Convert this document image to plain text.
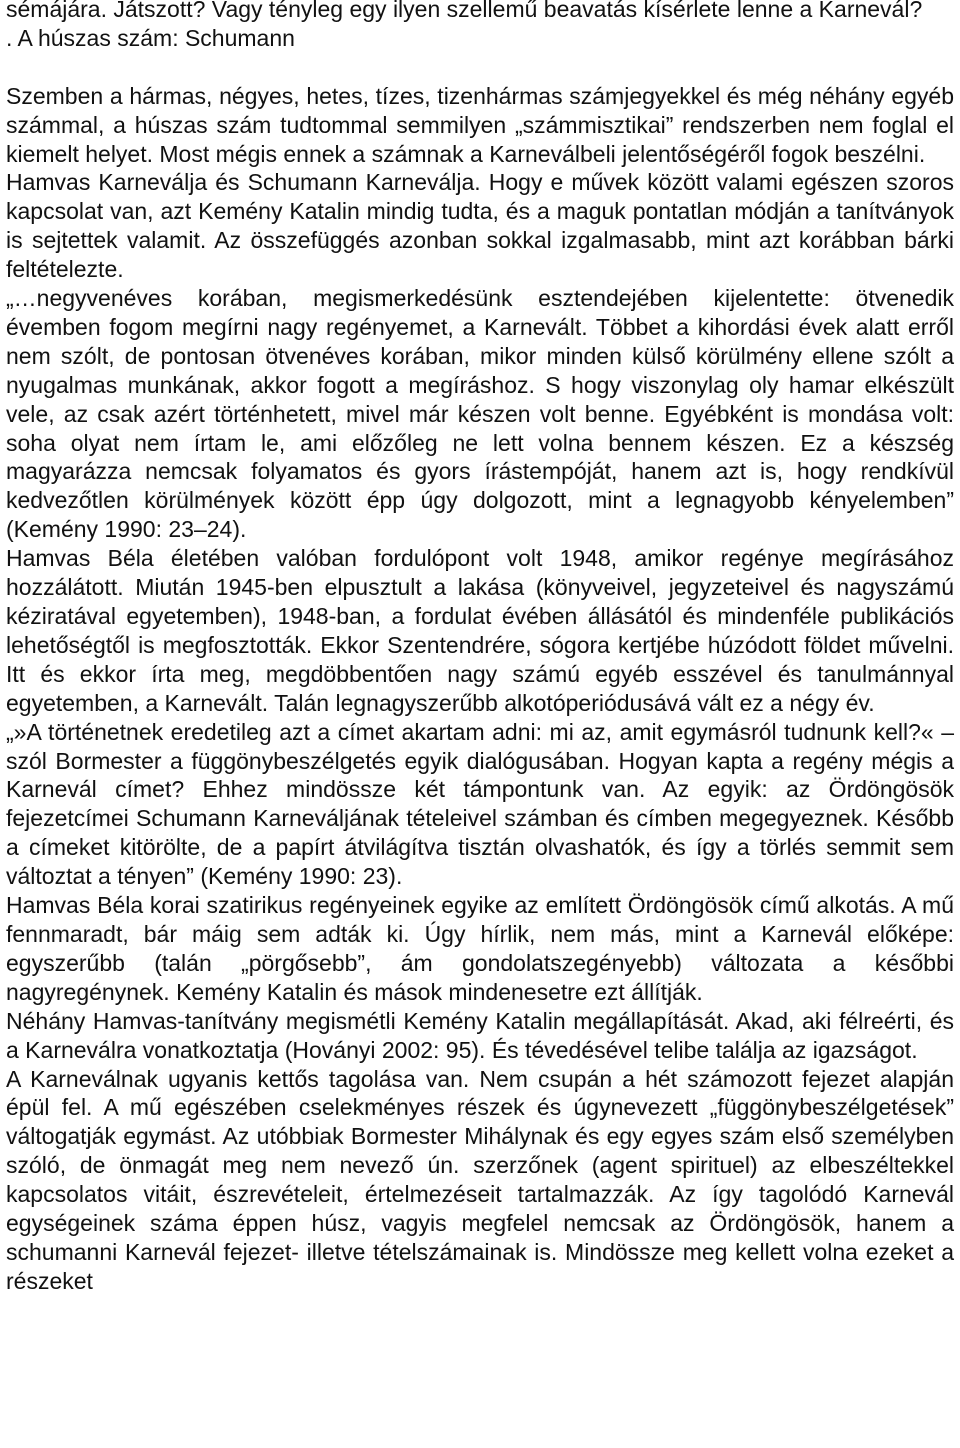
sémájára. Játszott? Vagy tényleg egy ilyen szellemű beavatás kísérlete lenne a Karnevál?

. A húszas szám: Schumann

Szemben a hármas, négyes, hetes, tízes, tizenhármas számjegyekkel és még néhány egyéb számmal, a húszas szám tudtommal semmilyen „számmisztikai” rendszerben nem foglal el kiemelt helyet. Most mégis ennek a számnak a Karneválbeli jelentőségéről fogok beszélni.

Hamvas Karneválja és Schumann Karneválja. Hogy e művek között valami egészen szoros kapcsolat van, azt Kemény Katalin mindig tudta, és a maguk pontatlan módján a tanítványok is sejtettek valamit. Az összefüggés azonban sokkal izgalmasabb, mint azt korábban bárki feltételezte.

„…negyvenéves korában, megismerkedésünk esztendejében kijelentette: ötvenedik évemben fogom megírni nagy regényemet, a Karnevált. Többet a kihordási évek alatt erről nem szólt, de pontosan ötvenéves korában, mikor minden külső körülmény ellene szólt a nyugalmas munkának, akkor fogott a megíráshoz. S hogy viszonylag oly hamar elkészült vele, az csak azért történhetett, mivel már készen volt benne. Egyébként is mondása volt: soha olyat nem írtam le, ami előzőleg ne lett volna bennem készen. Ez a készség magyarázza nemcsak folyamatos és gyors írástempóját, hanem azt is, hogy rendkívül kedvezőtlen körülmények között épp úgy dolgozott, mint a legnagyobb kényelemben” (Kemény 1990: 23–24).

Hamvas Béla életében valóban fordulópont volt 1948, amikor regénye megírásához hozzálátott. Miután 1945-ben elpusztult a lakása (könyveivel, jegyzeteivel és nagyszámú kéziratával egyetemben), 1948-ban, a fordulat évében állásától és mindenféle publikációs lehetőségtől is megfosztották. Ekkor Szentendrére, sógora kertjébe húzódott földet művelni. Itt és ekkor írta meg, megdöbbentően nagy számú egyéb esszével és tanulmánnyal egyetemben, a Karnevált. Talán legnagyszerűbb alkotóperiódusává vált ez a négy év.

„»A történetnek eredetileg azt a címet akartam adni: mi az, amit egymásról tudnunk kell?« – szól Bormester a függönybeszélgetés egyik dialógusában. Hogyan kapta a regény mégis a Karnevál címet? Ehhez mindössze két támpontunk van. Az egyik: az Ördöngösök fejezetcímei Schumann Karneváljának tételeivel számban és címben megegyeznek. Később a címeket kitörölte, de a papírt átvilágítva tisztán olvashatók, és így a törlés semmit sem változtat a tényen” (Kemény 1990: 23).

Hamvas Béla korai szatirikus regényeinek egyike az említett Ördöngösök című alkotás. A mű fennmaradt, bár máig sem adták ki. Úgy hírlik, nem más, mint a Karnevál előképe: egyszerűbb (talán „pörgősebb”, ám gondolatszegényebb) változata a későbbi nagyregénynek. Kemény Katalin és mások mindenesetre ezt állítják.

Néhány Hamvas-tanítvány megismétli Kemény Katalin megállapítását. Akad, aki félreérti, és a Karneválra vonatkoztatja (Hoványi 2002: 95). És tévedésével telibe találja az igazságot.

A Karneválnak ugyanis kettős tagolása van. Nem csupán a hét számozott fejezet alapján épül fel. A mű egészében cselekményes részek és úgynevezett „függönybeszélgetések” váltogatják egymást. Az utóbbiak Bormester Mihálynak és egy egyes szám első személyben szóló, de önmagát meg nem nevező ún. szerzőnek (agent spirituel) az elbeszéltekkel kapcsolatos vitáit, észrevételeit, értelmezéseit tartalmazzák. Az így tagolódó Karnevál egységeinek száma éppen húsz, vagyis megfelel nemcsak az Ördöngösök, hanem a schumanni Karnevál fejezet- illetve tételszámainak is. Mindössze meg kellett volna ezeket a részeket
